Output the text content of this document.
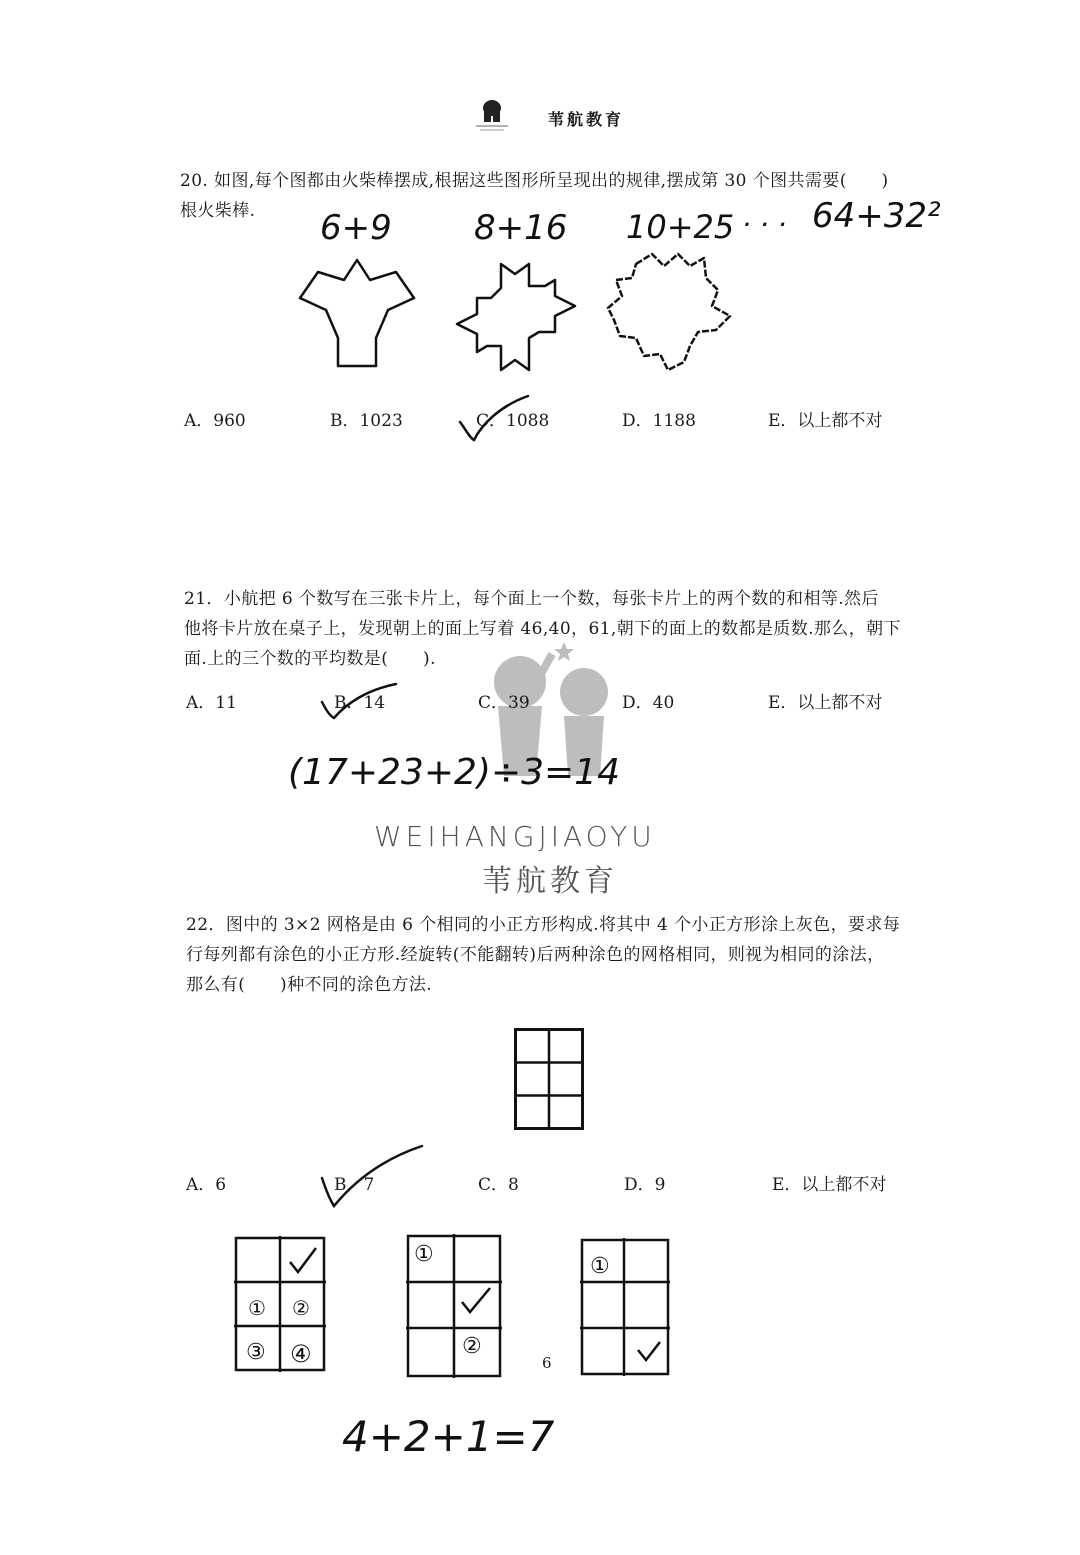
苇航教育
20. 如图,每个图都由火柴棒摆成,根据这些图形所呈现出的规律,摆成第 30 个图共需要(　　)
根火柴棒. 6+9 8+16 10+25 · · · 64+32²
A．960	B．1023	C．1088	D．1188	E．以上都不对
21．小航把 6 个数写在三张卡片上，每个面上一个数，每张卡片上的两个数的和相等.然后
他将卡片放在桌子上，发现朝上的面上写着 46,40，61,朝下的面上的数都是质数.那么，朝下
面.上的三个数的平均数是(　　).
A．11	B．14	C．39	D．40	E．以上都不对
(17+23+2)÷3=14
WEIHANGJIAOYU
苇航教育
22．图中的 3×2 网格是由 6 个相同的小正方形构成.将其中 4 个小正方形涂上灰色，要求每
行每列都有涂色的小正方形.经旋转(不能翻转)后两种涂色的网格相同，则视为相同的涂法，
那么有(　　)种不同的涂色方法.
A．6	B．7	C．8	D．9	E．以上都不对
① ②
③ ④
①
②
①
6
4+2+1=7
